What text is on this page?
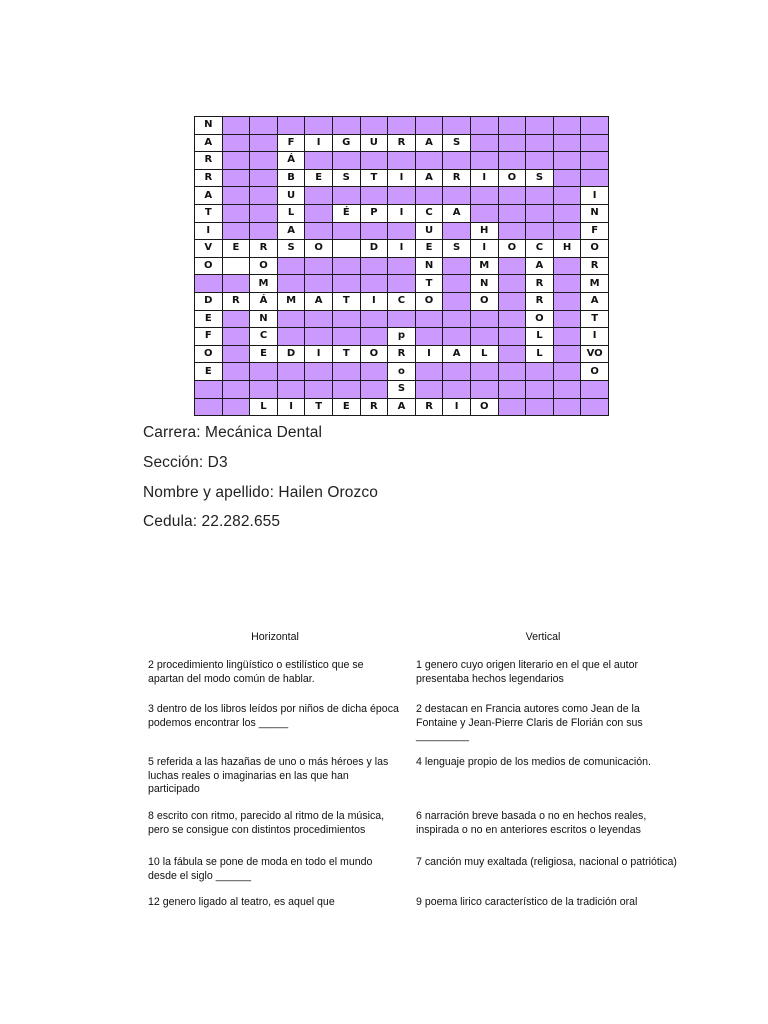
N														
A			F	I	G	U	R	A	S					
R			Á											
R			B	E	S	T	I	A	R	I	O	S		
A			U											I
T			L		É	P	I	C	A					N
I			A					U		H				F
V	E	R	S	O		D	I	E	S	I	O	C	H	O
O		O						N		M		A		R
		M						T		N		R		M
D	R	Á	M	A	T	I	C	O		O		R		A
E		N										O		T
F		C					p					L		I
O		E	D	I	T	O	R	I	A	L		L		VO
E							o							O
							S							
		L	I	T	E	R	A	R	I	O				
Carrera: Mecánica Dental
Sección: D3
Nombre y apellido: Hailen Orozco
Cedula: 22.282.655
Horizontal	Vertical
2 procedimiento lingüístico o estilístico que se apartan del modo común de hablar.
3 dentro de los libros leídos por niños de dicha época podemos encontrar los _____
5 referida a las hazañas de uno o más héroes y las luchas reales o imaginarias en las que han participado
8 escrito con ritmo, parecido al ritmo de la música, pero se consigue con distintos procedimientos
10 la fábula se pone de moda en todo el mundo desde el siglo ______
12 genero ligado al teatro, es aquel que
1 genero cuyo origen literario en el que el autor presentaba hechos legendarios
2 destacan en Francia autores como Jean de la Fontaine y Jean-Pierre Claris de Florián con sus _________
4 lenguaje propio de los medios de comunicación.
6 narración breve basada o no en hechos reales, inspirada o no en anteriores escritos o leyendas
7 canción muy exaltada (religiosa, nacional o patriótica)
9 poema lirico característico de la tradición oral
